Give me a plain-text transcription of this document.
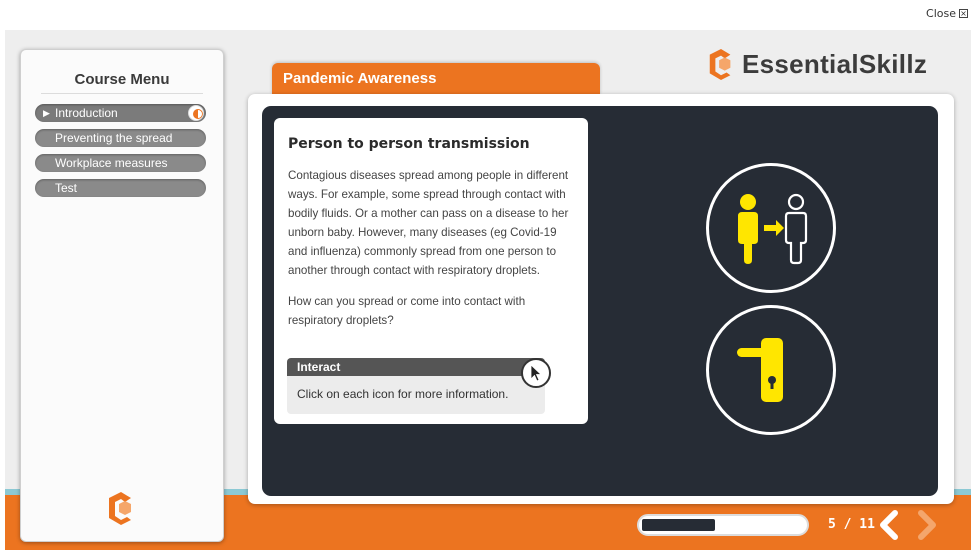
Close ×
Course Menu
▶ Introduction
Preventing the spread
Workplace measures
Test
EssentialSkillz
Pandemic Awareness
Person to person transmission
Contagious diseases spread among people in different ways. For example, some spread through contact with bodily fluids. Or a mother can pass on a disease to her unborn baby. However, many diseases (eg Covid-19 and influenza) commonly spread from one person to another through contact with respiratory droplets.
How can you spread or come into contact with respiratory droplets?
Interact
Click on each icon for more information.
5 / 11
